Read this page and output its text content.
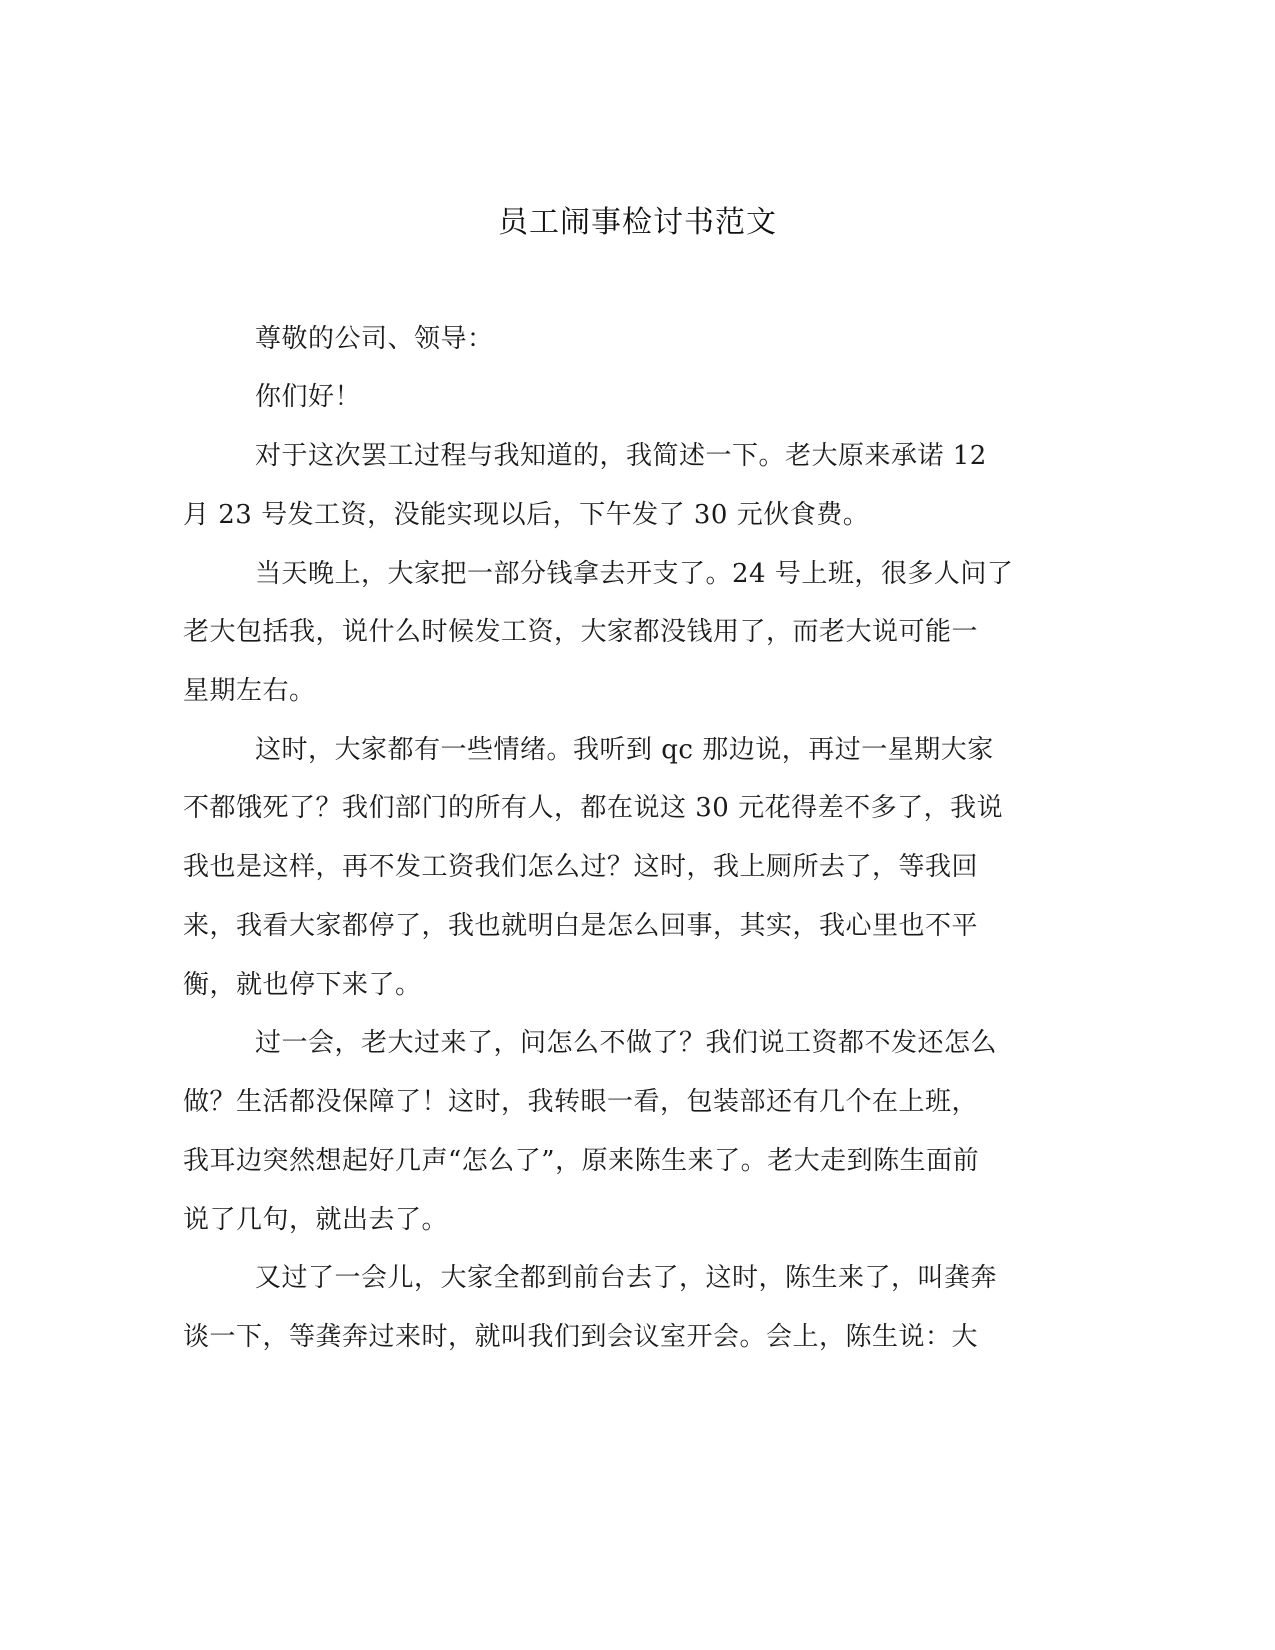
员工闹事检讨书范文
尊敬的公司、领导：
你们好！
对于这次罢工过程与我知道的，我简述一下。老大原来承诺 12
月 23 号发工资，没能实现以后，下午发了 30 元伙食费。
当天晚上，大家把一部分钱拿去开支了。24 号上班，很多人问了
老大包括我，说什么时候发工资，大家都没钱用了，而老大说可能一
星期左右。
这时，大家都有一些情绪。我听到 qc 那边说，再过一星期大家
不都饿死了？我们部门的所有人，都在说这 30 元花得差不多了，我说
我也是这样，再不发工资我们怎么过？这时，我上厕所去了，等我回
来，我看大家都停了，我也就明白是怎么回事，其实，我心里也不平
衡，就也停下来了。
过一会，老大过来了，问怎么不做了？我们说工资都不发还怎么
做？生活都没保障了！这时，我转眼一看，包装部还有几个在上班，
我耳边突然想起好几声“怎么了”，原来陈生来了。老大走到陈生面前
说了几句，就出去了。
又过了一会儿，大家全都到前台去了，这时，陈生来了，叫龚奔
谈一下，等龚奔过来时，就叫我们到会议室开会。会上，陈生说：大
